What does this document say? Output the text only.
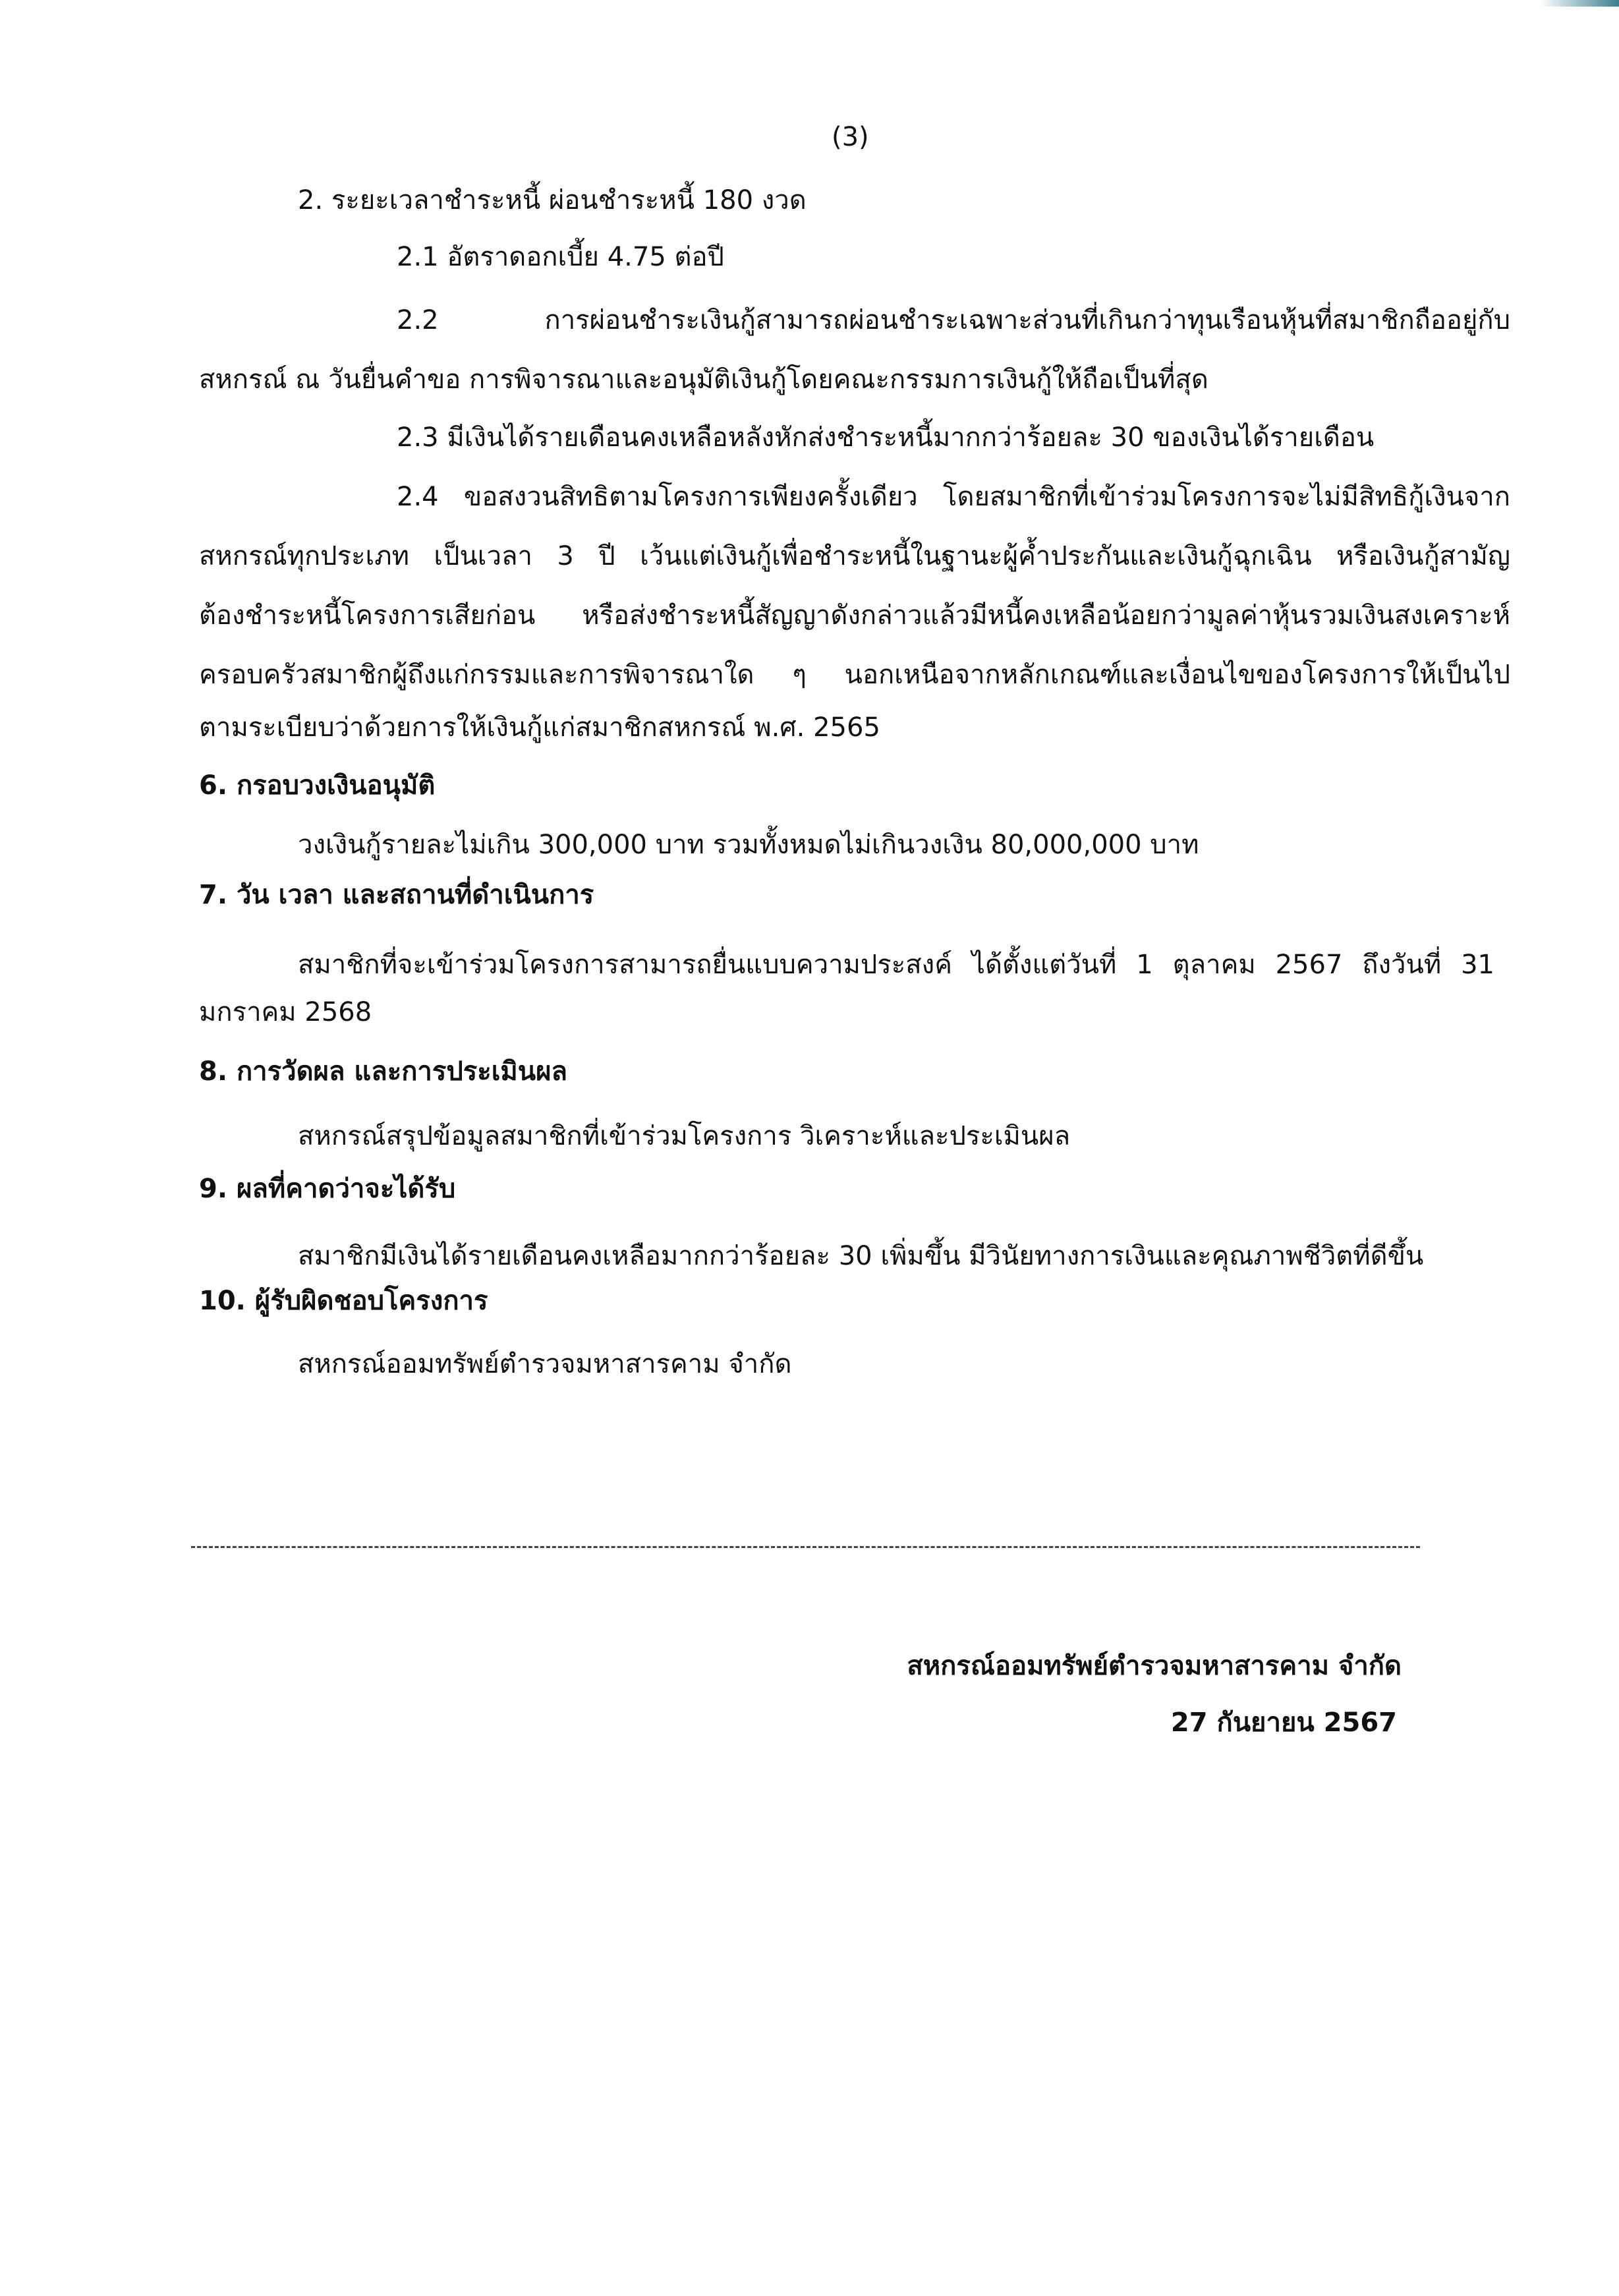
(3)
2. ระยะเวลาชำระหนี้ ผ่อนชำระหนี้ 180 งวด
2.1 อัตราดอกเบี้ย 4.75 ต่อปี
2.2 การผ่อนชำระเงินกู้สามารถผ่อนชำระเฉพาะส่วนที่เกินกว่าทุนเรือนหุ้นที่สมาชิกถืออยู่กับ
สหกรณ์ ณ วันยื่นคำขอ การพิจารณาและอนุมัติเงินกู้โดยคณะกรรมการเงินกู้ให้ถือเป็นที่สุด
2.3 มีเงินได้รายเดือนคงเหลือหลังหักส่งชำระหนี้มากกว่าร้อยละ 30 ของเงินได้รายเดือน
2.4 ขอสงวนสิทธิตามโครงการเพียงครั้งเดียว โดยสมาชิกที่เข้าร่วมโครงการจะไม่มีสิทธิกู้เงินจาก
สหกรณ์ทุกประเภท เป็นเวลา 3 ปี เว้นแต่เงินกู้เพื่อชำระหนี้ในฐานะผู้ค้ำประกันและเงินกู้ฉุกเฉิน หรือเงินกู้สามัญ
ต้องชำระหนี้โครงการเสียก่อน หรือส่งชำระหนี้สัญญาดังกล่าวแล้วมีหนี้คงเหลือน้อยกว่ามูลค่าหุ้นรวมเงินสงเคราะห์
ครอบครัวสมาชิกผู้ถึงแก่กรรมและการพิจารณาใด ๆ นอกเหนือจากหลักเกณฑ์และเงื่อนไขของโครงการให้เป็นไป
ตามระเบียบว่าด้วยการให้เงินกู้แก่สมาชิกสหกรณ์ พ.ศ. 2565
6. กรอบวงเงินอนุมัติ
วงเงินกู้รายละไม่เกิน 300,000 บาท รวมทั้งหมดไม่เกินวงเงิน 80,000,000 บาท
7. วัน เวลา และสถานที่ดำเนินการ
สมาชิกที่จะเข้าร่วมโครงการสามารถยื่นแบบความประสงค์ ได้ตั้งแต่วันที่ 1 ตุลาคม 2567 ถึงวันที่ 31
มกราคม 2568
8. การวัดผล และการประเมินผล
สหกรณ์สรุปข้อมูลสมาชิกที่เข้าร่วมโครงการ วิเคราะห์และประเมินผล
9. ผลที่คาดว่าจะได้รับ
สมาชิกมีเงินได้รายเดือนคงเหลือมากกว่าร้อยละ 30 เพิ่มขึ้น มีวินัยทางการเงินและคุณภาพชีวิตที่ดีขึ้น
10. ผู้รับผิดชอบโครงการ
สหกรณ์ออมทรัพย์ตำรวจมหาสารคาม จำกัด
สหกรณ์ออมทรัพย์ตำรวจมหาสารคาม จำกัด
27 กันยายน 2567
